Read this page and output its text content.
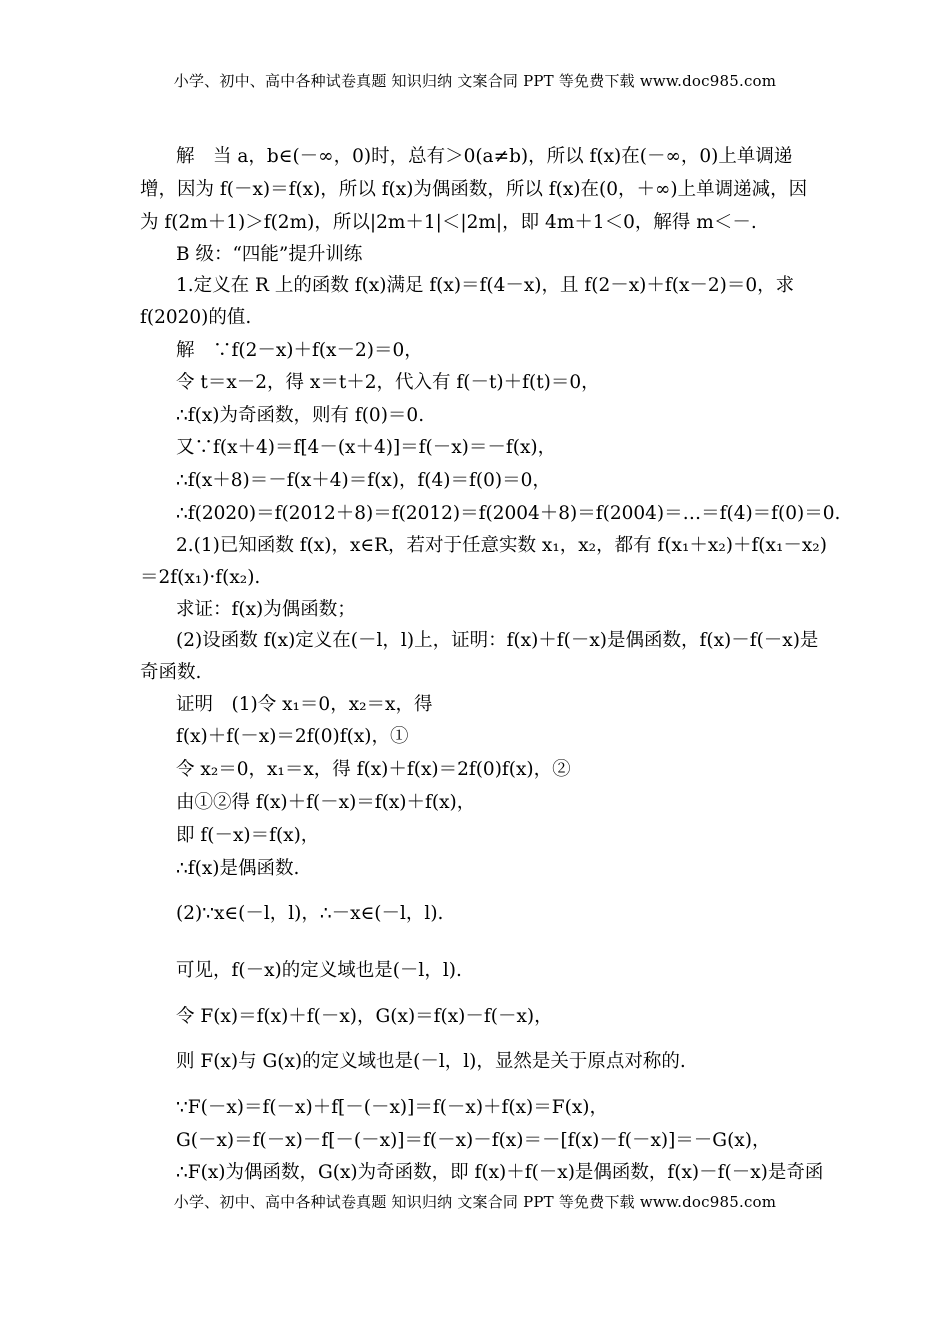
小学、初中、高中各种试卷真题 知识归纳 文案合同 PPT 等免费下载 www.doc985.com
解　当 a，b∈(－∞，0)时，总有＞0(a≠b)，所以 f(x)在(－∞，0)上单调递
增，因为 f(－x)＝f(x)，所以 f(x)为偶函数，所以 f(x)在(0，＋∞)上单调递减，因
为 f(2m＋1)＞f(2m)，所以|2m＋1|＜|2m|，即 4m＋1＜0，解得 m＜－.
B 级：“四能”提升训练
1.定义在 R 上的函数 f(x)满足 f(x)＝f(4－x)，且 f(2－x)＋f(x－2)＝0，求
f(2020)的值.
解　∵f(2－x)＋f(x－2)＝0，
令 t＝x－2，得 x＝t＋2，代入有 f(－t)＋f(t)＝0，
∴f(x)为奇函数，则有 f(0)＝0.
又∵f(x＋4)＝f[4－(x＋4)]＝f(－x)＝－f(x)，
∴f(x＋8)＝－f(x＋4)＝f(x)，f(4)＝f(0)＝0，
∴f(2020)＝f(2012＋8)＝f(2012)＝f(2004＋8)＝f(2004)＝…＝f(4)＝f(0)＝0.
2.(1)已知函数 f(x)，x∈R，若对于任意实数 x₁，x₂，都有 f(x₁＋x₂)＋f(x₁－x₂)
＝2f(x₁)·f(x₂).
求证：f(x)为偶函数；
(2)设函数 f(x)定义在(－l，l)上，证明：f(x)＋f(－x)是偶函数，f(x)－f(－x)是
奇函数.
证明　(1)令 x₁＝0，x₂＝x，得
f(x)＋f(－x)＝2f(0)f(x)，①
令 x₂＝0，x₁＝x，得 f(x)＋f(x)＝2f(0)f(x)，②
由①②得 f(x)＋f(－x)＝f(x)＋f(x)，
即 f(－x)＝f(x)，
∴f(x)是偶函数.
(2)∵x∈(－l，l)，∴－x∈(－l，l).
可见，f(－x)的定义域也是(－l，l).
令 F(x)＝f(x)＋f(－x)，G(x)＝f(x)－f(－x)，
则 F(x)与 G(x)的定义域也是(－l，l)，显然是关于原点对称的.
∵F(－x)＝f(－x)＋f[－(－x)]＝f(－x)＋f(x)＝F(x)，
G(－x)＝f(－x)－f[－(－x)]＝f(－x)－f(x)＝－[f(x)－f(－x)]＝－G(x)，
∴F(x)为偶函数，G(x)为奇函数，即 f(x)＋f(－x)是偶函数，f(x)－f(－x)是奇函
小学、初中、高中各种试卷真题 知识归纳 文案合同 PPT 等免费下载 www.doc985.com
